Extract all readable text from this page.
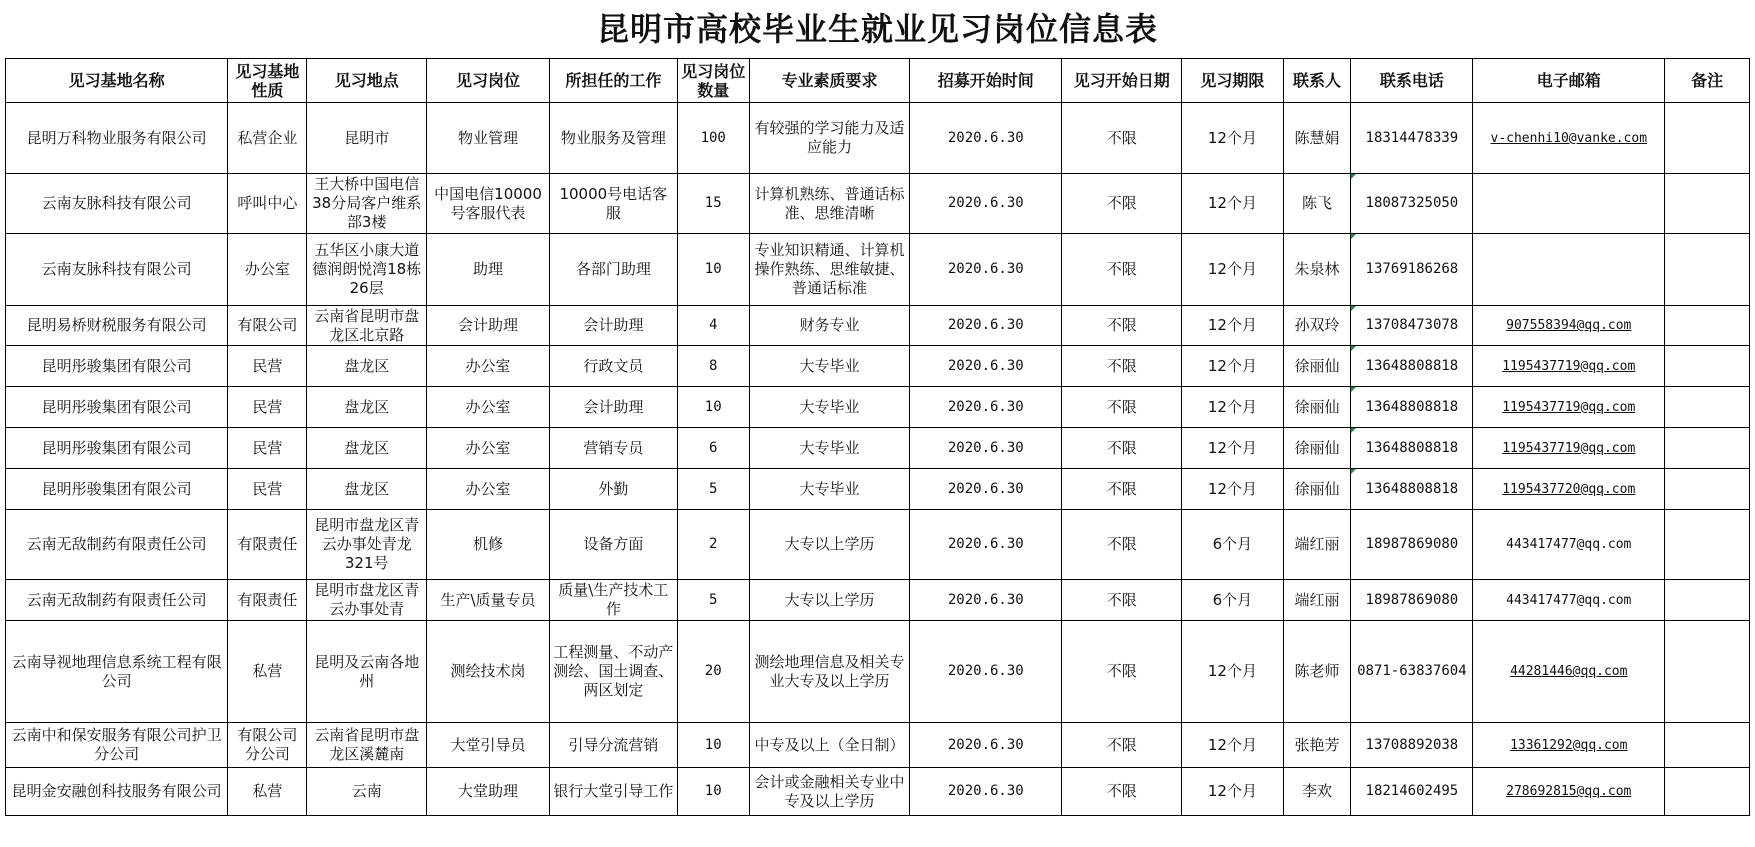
昆明市高校毕业生就业见习岗位信息表
见习基地名称	见习基地性质	见习地点	见习岗位	所担任的工作	见习岗位数量	专业素质要求	招募开始时间	见习开始日期	见习期限	联系人	联系电话	电子邮箱	备注
昆明万科物业服务有限公司	私营企业	昆明市	物业管理	物业服务及管理	100	有较强的学习能力及适应能力	2020.6.30	不限	12个月	陈慧娟	18314478339	v-chenhi10@vanke.com	
云南友脉科技有限公司	呼叫中心	王大桥中国电信38分局客户维系部3楼	中国电信10000号客服代表	10000号电话客服	15	计算机熟练、普通话标准、思维清晰	2020.6.30	不限	12个月	陈飞	18087325050		
云南友脉科技有限公司	办公室	五华区小康大道德润朗悦湾18栋26层	助理	各部门助理	10	专业知识精通、计算机操作熟练、思维敏捷、普通话标准	2020.6.30	不限	12个月	朱泉林	13769186268		
昆明易桥财税服务有限公司	有限公司	云南省昆明市盘龙区北京路	会计助理	会计助理	4	财务专业	2020.6.30	不限	12个月	孙双玲	13708473078	907558394@qq.com	
昆明彤骏集团有限公司	民营	盘龙区	办公室	行政文员	8	大专毕业	2020.6.30	不限	12个月	徐丽仙	13648808818	1195437719@qq.com	
昆明彤骏集团有限公司	民营	盘龙区	办公室	会计助理	10	大专毕业	2020.6.30	不限	12个月	徐丽仙	13648808818	1195437719@qq.com	
昆明彤骏集团有限公司	民营	盘龙区	办公室	营销专员	6	大专毕业	2020.6.30	不限	12个月	徐丽仙	13648808818	1195437719@qq.com	
昆明彤骏集团有限公司	民营	盘龙区	办公室	外勤	5	大专毕业	2020.6.30	不限	12个月	徐丽仙	13648808818	1195437720@qq.com	
云南无敌制药有限责任公司	有限责任	昆明市盘龙区青云办事处青龙321号	机修	设备方面	2	大专以上学历	2020.6.30	不限	6个月	端红丽	18987869080	443417477@qq.com	
云南无敌制药有限责任公司	有限责任	昆明市盘龙区青云办事处青	生产\质量专员	质量\生产技术工作	5	大专以上学历	2020.6.30	不限	6个月	端红丽	18987869080	443417477@qq.com	
云南导视地理信息系统工程有限公司	私营	昆明及云南各地州	测绘技术岗	工程测量、不动产测绘、国土调查、两区划定	20	测绘地理信息及相关专业大专及以上学历	2020.6.30	不限	12个月	陈老师	0871-63837604	44281446@qq.com	
云南中和保安服务有限公司护卫分公司	有限公司分公司	云南省昆明市盘龙区溪麓南	大堂引导员	引导分流营销	10	中专及以上（全日制）	2020.6.30	不限	12个月	张艳芳	13708892038	13361292@qq.com	
昆明金安融创科技服务有限公司	私营	云南	大堂助理	银行大堂引导工作	10	会计或金融相关专业中专及以上学历	2020.6.30	不限	12个月	李欢	18214602495	278692815@qq.com	
